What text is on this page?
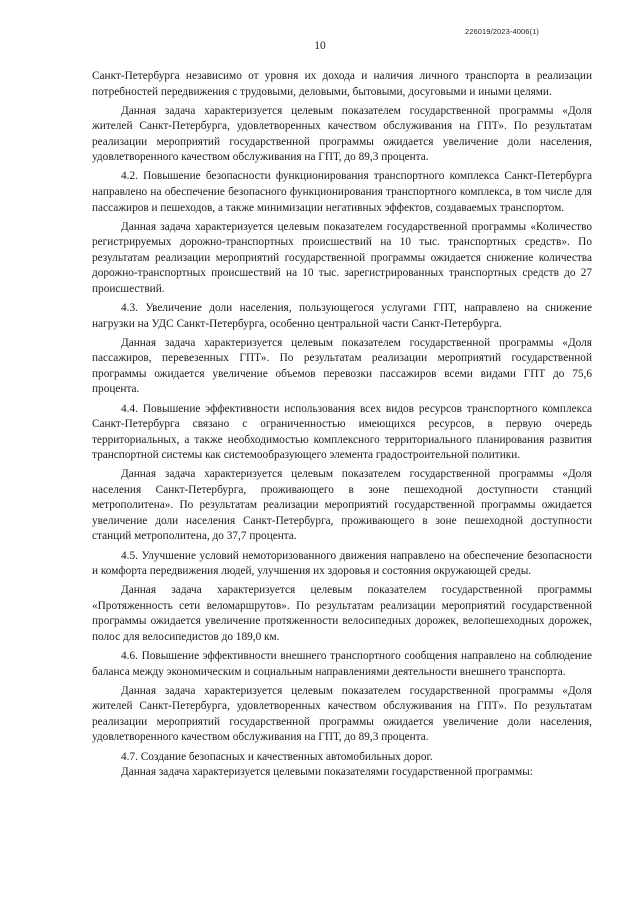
226019/2023-4006(1)
10

Санкт-Петербурга независимо от уровня их дохода и наличия личного транспорта в реализации потребностей передвижения с трудовыми, деловыми, бытовыми, досуговыми и иными целями.

Данная задача характеризуется целевым показателем государственной программы «Доля жителей Санкт-Петербурга, удовлетворенных качеством обслуживания на ГПТ». По результатам реализации мероприятий государственной программы ожидается увеличение доли населения, удовлетворенного качеством обслуживания на ГПТ, до 89,3 процента.

4.2. Повышение безопасности функционирования транспортного комплекса Санкт-Петербурга направлено на обеспечение безопасного функционирования транспортного комплекса, в том числе для пассажиров и пешеходов, а также минимизации негативных эффектов, создаваемых транспортом.

Данная задача характеризуется целевым показателем государственной программы «Количество регистрируемых дорожно-транспортных происшествий на 10 тыс. транспортных средств». По результатам реализации мероприятий государственной программы ожидается снижение количества дорожно-транспортных происшествий на 10 тыс. зарегистрированных транспортных средств до 27 происшествий.

4.3. Увеличение доли населения, пользующегося услугами ГПТ, направлено на снижение нагрузки на УДС Санкт-Петербурга, особенно центральной части Санкт-Петербурга.

Данная задача характеризуется целевым показателем государственной программы «Доля пассажиров, перевезенных ГПТ». По результатам реализации мероприятий государственной программы ожидается увеличение объемов перевозки пассажиров всеми видами ГПТ до 75,6 процента.

4.4. Повышение эффективности использования всех видов ресурсов транспортного комплекса Санкт-Петербурга связано с ограниченностью имеющихся ресурсов, в первую очередь территориальных, а также необходимостью комплексного территориального планирования развития транспортной системы как системообразующего элемента градостроительной политики.

Данная задача характеризуется целевым показателем государственной программы «Доля населения Санкт-Петербурга, проживающего в зоне пешеходной доступности станций метрополитена». По результатам реализации мероприятий государственной программы ожидается увеличение доли населения Санкт-Петербурга, проживающего в зоне пешеходной доступности станций метрополитена, до 37,7 процента.

4.5. Улучшение условий немоторизованного движения направлено на обеспечение безопасности и комфорта передвижения людей, улучшения их здоровья и состояния окружающей среды.

Данная задача характеризуется целевым показателем государственной программы «Протяженность сети веломаршрутов». По результатам реализации мероприятий государственной программы ожидается увеличение протяженности велосипедных дорожек, велопешеходных дорожек, полос для велосипедистов до 189,0 км.

4.6. Повышение эффективности внешнего транспортного сообщения направлено на соблюдение баланса между экономическим и социальным направлениями деятельности внешнего транспорта.

Данная задача характеризуется целевым показателем государственной программы «Доля жителей Санкт-Петербурга, удовлетворенных качеством обслуживания на ГПТ». По результатам реализации мероприятий государственной программы ожидается увеличение доли населения, удовлетворенного качеством обслуживания на ГПТ, до 89,3 процента.

4.7. Создание безопасных и качественных автомобильных дорог.

Данная задача характеризуется целевыми показателями государственной программы:
